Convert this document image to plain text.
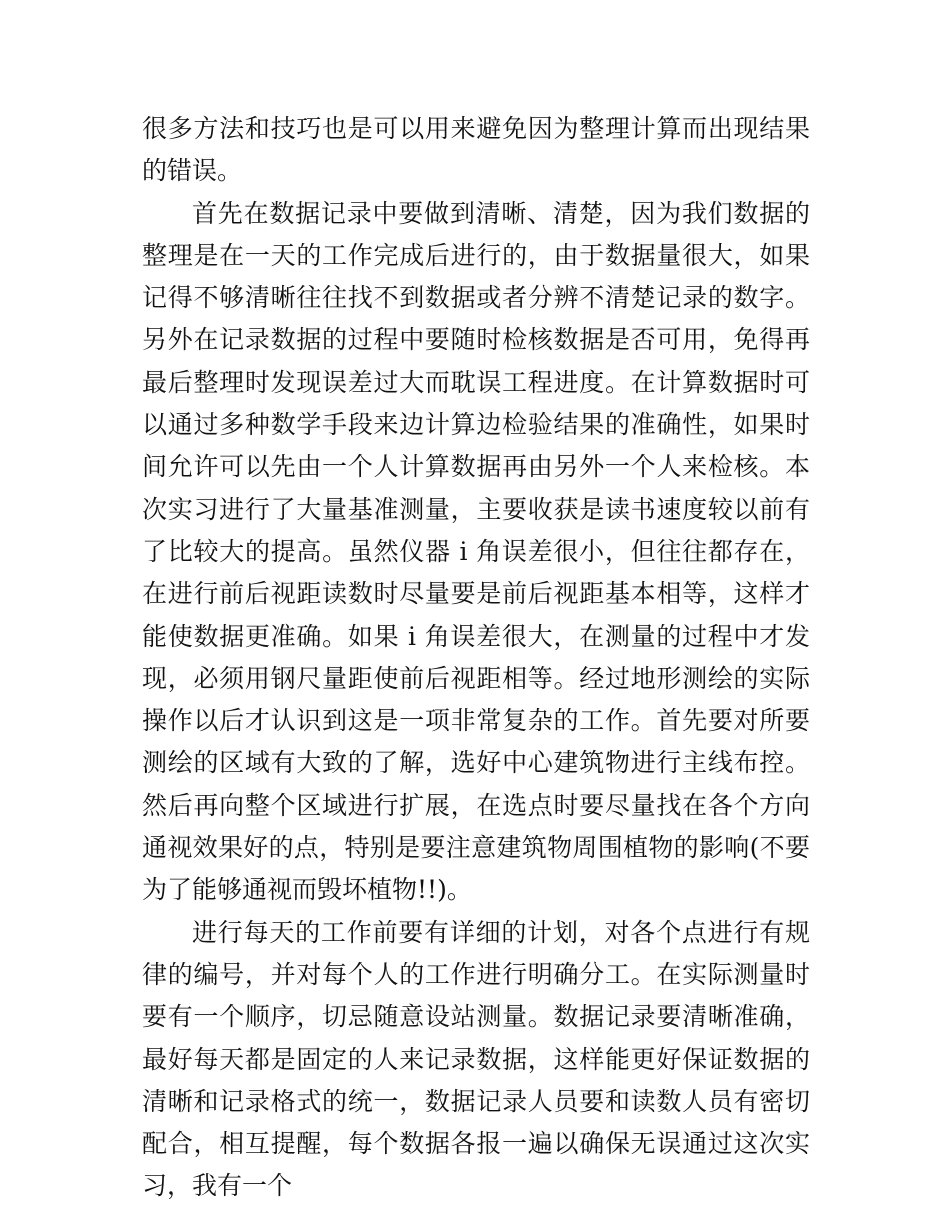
很多方法和技巧也是可以用来避免因为整理计算而出现结果的错误。

首先在数据记录中要做到清晰、清楚，因为我们数据的整理是在一天的工作完成后进行的，由于数据量很大，如果记得不够清晰往往找不到数据或者分辨不清楚记录的数字。另外在记录数据的过程中要随时检核数据是否可用，免得再最后整理时发现误差过大而耽误工程进度。在计算数据时可以通过多种数学手段来边计算边检验结果的准确性，如果时间允许可以先由一个人计算数据再由另外一个人来检核。本次实习进行了大量基准测量，主要收获是读书速度较以前有了比较大的提高。虽然仪器 i 角误差很小，但往往都存在，在进行前后视距读数时尽量要是前后视距基本相等，这样才能使数据更准确。如果 i 角误差很大，在测量的过程中才发现，必须用钢尺量距使前后视距相等。经过地形测绘的实际操作以后才认识到这是一项非常复杂的工作。首先要对所要测绘的区域有大致的了解，选好中心建筑物进行主线布控。然后再向整个区域进行扩展，在选点时要尽量找在各个方向通视效果好的点，特别是要注意建筑物周围植物的影响(不要为了能够通视而毁坏植物!!)。

进行每天的工作前要有详细的计划，对各个点进行有规律的编号，并对每个人的工作进行明确分工。在实际测量时要有一个顺序，切忌随意设站测量。数据记录要清晰准确，最好每天都是固定的人来记录数据，这样能更好保证数据的清晰和记录格式的统一，数据记录人员要和读数人员有密切配合，相互提醒，每个数据各报一遍以确保无误通过这次实习，我有一个
